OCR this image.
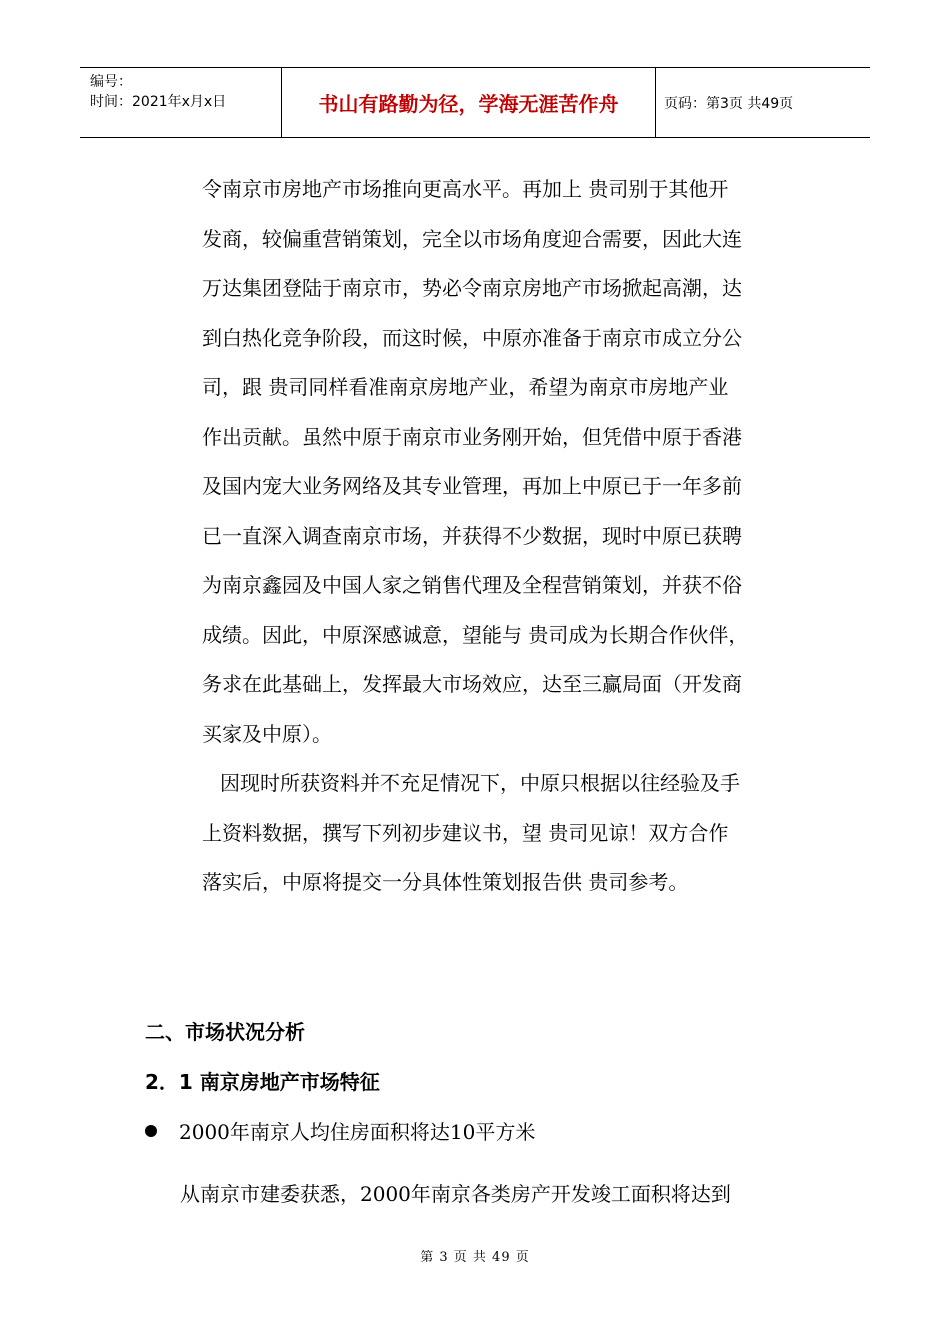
编号：
时间：2021年x月x日	书山有路勤为径，学海无涯苦作舟	页码：第3页 共49页

令南京市房地产市场推向更高水平。再加上 贵司别于其他开

发商，较偏重营销策划，完全以市场角度迎合需要，因此大连

万达集团登陆于南京市，势必令南京房地产市场掀起高潮，达

到白热化竞争阶段，而这时候，中原亦准备于南京市成立分公

司，跟 贵司同样看准南京房地产业，希望为南京市房地产业

作出贡献。虽然中原于南京市业务刚开始，但凭借中原于香港

及国内宠大业务网络及其专业管理，再加上中原已于一年多前

已一直深入调查南京市场，并获得不少数据，现时中原已获聘

为南京鑫园及中国人家之销售代理及全程营销策划，并获不俗

成绩。因此，中原深感诚意，望能与 贵司成为长期合作伙伴，

务求在此基础上，发挥最大市场效应，达至三赢局面（开发商

买家及中原）。

因现时所获资料并不充足情况下，中原只根据以往经验及手

上资料数据，撰写下列初步建议书，望 贵司见谅！双方合作

落实后，中原将提交一分具体性策划报告供 贵司参考。

二、市场状况分析
2．1 南京房地产市场特征
2000年南京人均住房面积将达10平方米
从南京市建委获悉，2000年南京各类房产开发竣工面积将达到
第 3 页 共 49 页
